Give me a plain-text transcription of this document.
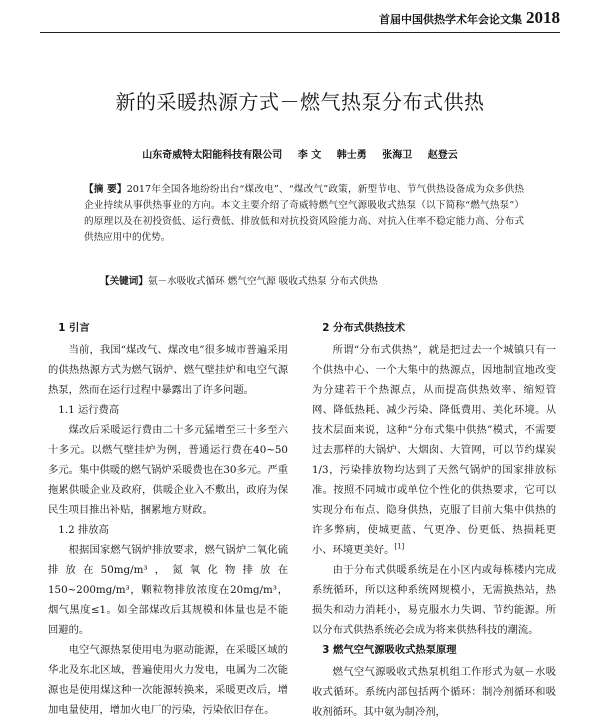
首届中国供热学术年会论文集 2018
新的采暖热源方式－燃气热泵分布式供热
山东奇威特太阳能科技有限公司 李 文 韩士勇 张海卫 赵登云
【摘 要】2017年全国各地纷纷出台“煤改电”、“煤改气”政策，新型节电、节气供热设备成为众多供热企业持续从事供热事业的方向。本文主要介绍了奇威特燃气空气源吸收式热泵（以下简称“燃气热泵”）的原理以及在初投资低、运行费低、排放低和对抗投资风险能力高、对抗入住率不稳定能力高、分布式供热应用中的优势。
【关键词】氨－水吸收式循环 燃气空气源 吸收式热泵 分布式供热
1 引言

当前，我国“煤改气、煤改电”很多城市普遍采用的供热热源方式为燃气锅炉、燃气壁挂炉和电空气源热泵，然而在运行过程中暴露出了许多问题。

1.1 运行费高

煤改后采暖运行费由二十多元猛增至三十多至六十多元。以燃气壁挂炉为例，普通运行费在40~50多元。集中供暖的燃气锅炉采暖费也在30多元。严重拖累供暖企业及政府，供暖企业入不敷出，政府为保民生项目推出补贴，捆累地方财政。

1.2 排放高

根据国家燃气锅炉排放要求，燃气锅炉二氧化硫排放在50mg/m³，氮氧化物排放在150~200mg/m³，颗粒物排放浓度在20mg/m³，烟气黑度≤1。如全部煤改后其规模和体量也是不能回避的。

电空气源热泵使用电为驱动能源，在采暖区域的华北及东北区域，普遍使用火力发电，电属为二次能源也是使用煤这种一次能源转换来，采暖更改后，增加电量使用，增加火电厂的污染，污染依旧存在。

2 分布式供热技术

所谓“分布式供热”，就是把过去一个城镇只有一个供热中心、一个大集中的热源点，因地制宜地改变为分建若干个热源点，从而提高供热效率、缩短管网、降低热耗、减少污染、降低费用、美化环境。从技术层面来说，这种“分布式集中供热”模式，不需要过去那样的大锅炉、大烟囱、大管网，可以节约煤炭1/3，污染排放物均达到了天然气锅炉的国家排放标准。按照不同城市或单位个性化的供热要求，它可以实现分布布点、隐身供热，克服了目前大集中供热的许多弊病，使城更蓝、气更净、份更低、热损耗更小、环境更美好。[1]

由于分布式供暖系统是在小区内或每栋楼内完成系统循环，所以这种系统网规模小，无需换热站，热损失和动力消耗小，易克服水力失调、节约能源。所以分布式供热系统必会成为将来供热科技的潮流。

3 燃气空气源吸收式热泵原理

燃气空气源吸收式热泵机组工作形式为氨－水吸收式循环。系统内部包括两个循环：制冷剂循环和吸收剂循环。其中氨为制冷剂，
